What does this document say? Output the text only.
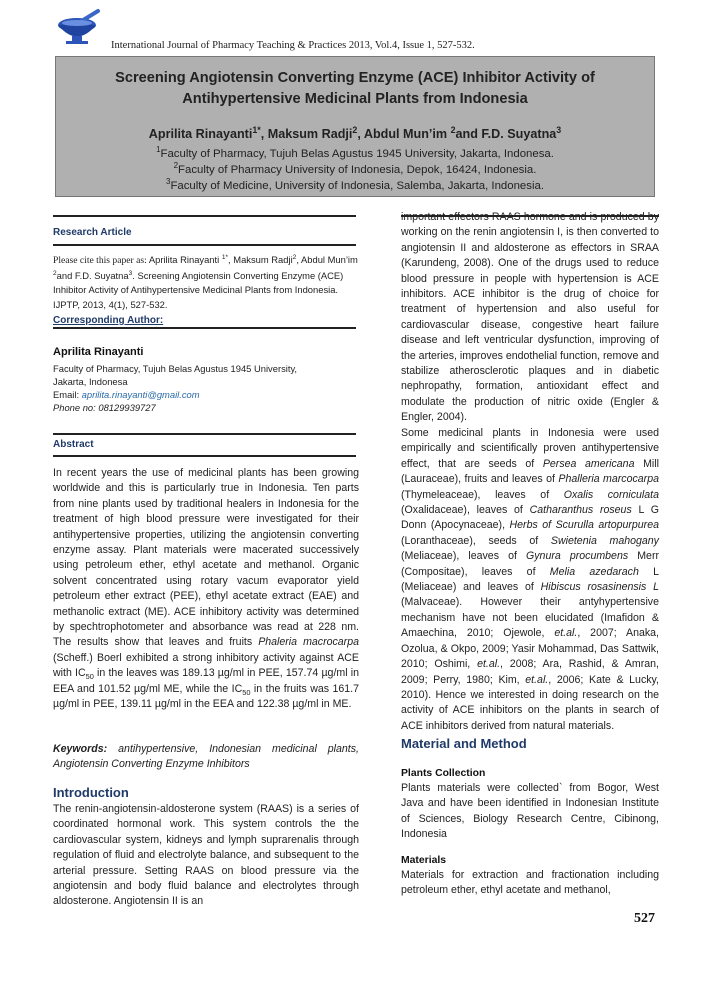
International Journal of Pharmacy Teaching & Practices 2013, Vol.4, Issue 1, 527-532.
Screening Angiotensin Converting Enzyme (ACE) Inhibitor Activity of
Antihypertensive Medicinal Plants from Indonesia
Aprilita Rinayanti$^{1*}$, Maksum Radji$^2$, Abdul Mun’im $^2$and F.D. Suyatna$^3$
$^1$Faculty of Pharmacy, Tujuh Belas Agustus 1945 University, Jakarta, Indonesa.
$^2$Faculty of Pharmacy University of Indonesia, Depok, 16424, Indonesia.
$^3$Faculty of Medicine, University of Indonesia, Salemba, Jakarta, Indonesia.
Research Article
Please cite this paper as: Aprilita Rinayanti $^{1*}$, Maksum Radji$^2$, Abdul Mun’im $^2$and F.D. Suyatna$^3$. Screening Angiotensin Converting Enzyme (ACE) Inhibitor Activity of Antihypertensive Medicinal Plants from Indonesia. IJPTP, 2013, 4(1), 527-532.
Corresponding Author:
Aprilita Rinayanti
Faculty of Pharmacy, Tujuh Belas Agustus 1945 University,
Jakarta, Indonesa
Email: aprilita.rinayanti@gmail.com
Phone no: 08129939727
Abstract
In recent years the use of medicinal plants has been growing worldwide and this is particularly true in Indonesia. Ten parts from nine plants used by traditional healers in Indonesia for the treatment of high blood pressure were investigated for their antihypertensive properties, utilizing the angiotensin converting enzyme assay. Plant materials were macerated successively using petroleum ether, ethyl acetate and methanol. Organic solvent concentrated using rotary vacum evaporator yield petroleum ether extract (PEE), ethyl acetate extract (EAE) and methanolic extract (ME). ACE inhibitory activity was determined by spechtrophotometer and absorbance was read at 228 nm. The results show that leaves and fruits Phaleria macrocarpa (Scheff.) Boerl exhibited a strong inhibitory activity against ACE with $IC_{50}$ in the leaves was 189.13 µg/ml in PEE, 157.74 µg/ml in EEA and 101.52 µg/ml ME, while the $IC_{50}$ in the fruits was 161.7 µg/ml in PEE, 139.11 µg/ml in the EEA and 122.38 µg/ml in ME.
Keywords: antihypertensive, Indonesian medicinal plants, Angiotensin Converting Enzyme Inhibitors
Introduction
The renin-angiotensin-aldosterone system (RAAS) is a series of coordinated hormonal work. This system controls the the cardiovascular system, kidneys and lymph suprarenalis through regulation of fluid and electrolyte balance, and subsequent to the arterial pressure. Setting RAAS on blood pressure via the angiotensin and body fluid balance and electrolytes through aldosterone. Angiotensin II is an
important effectors RAAS hormone and is produced by working on the renin angiotensin I, is then converted to angiotensin II and aldosterone as effectors in SRAA (Karundeng, 2008). One of the drugs used to reduce blood pressure in people with hypertension is ACE inhibitors. ACE inhibitor is the drug of choice for treatment of hypertension and also useful for cardiovascular disease, congestive heart failure disease and left ventricular dysfunction, improving of the arteries, improves endothelial function, remove and stabilize atherosclerotic plaques and in diabetic nephropathy, formation, antioxidant effect and modulate the production of nitric oxide (Engler & Engler, 2004).
Some medicinal plants in Indonesia were used empirically and scientifically proven antihypertensive effect, that are seeds of Persea americana Mill (Lauraceae), fruits and leaves of Phalleria marcocarpa (Thymeleaceae), leaves of Oxalis corniculata (Oxalidaceae), leaves of Catharanthus roseus L G Donn (Apocynaceae), Herbs of Scurulla artopurpurea (Loranthaceae), seeds of Swietenia mahogany (Meliaceae), leaves of Gynura procumbens Merr (Compositae), leaves of Melia azedarach L (Meliaceae) and leaves of Hibiscus rosasinensis L (Malvaceae). However their antyhypertensive mechanism have not been elucidated (Imafidon & Amaechina, 2010; Ojewole, et.al., 2007; Anaka, Ozolua, & Okpo, 2009; Yasir Mohammad, Das Sattwik, 2010; Oshimi, et.al., 2008; Ara, Rashid, & Amran, 2009; Perry, 1980; Kim, et.al., 2006; Kate & Lucky, 2010). Hence we interested in doing research on the activity of ACE inhibitors on the plants in search of ACE inhibitors derived from natural materials.
Material and Method
Plants Collection
Plants materials were collected` from Bogor, West Java and have been identified in Indonesian Institute of Sciences, Biology Research Centre, Cibinong, Indonesia
Materials
Materials for extraction and fractionation including petroleum ether, ethyl acetate and methanol,
527
